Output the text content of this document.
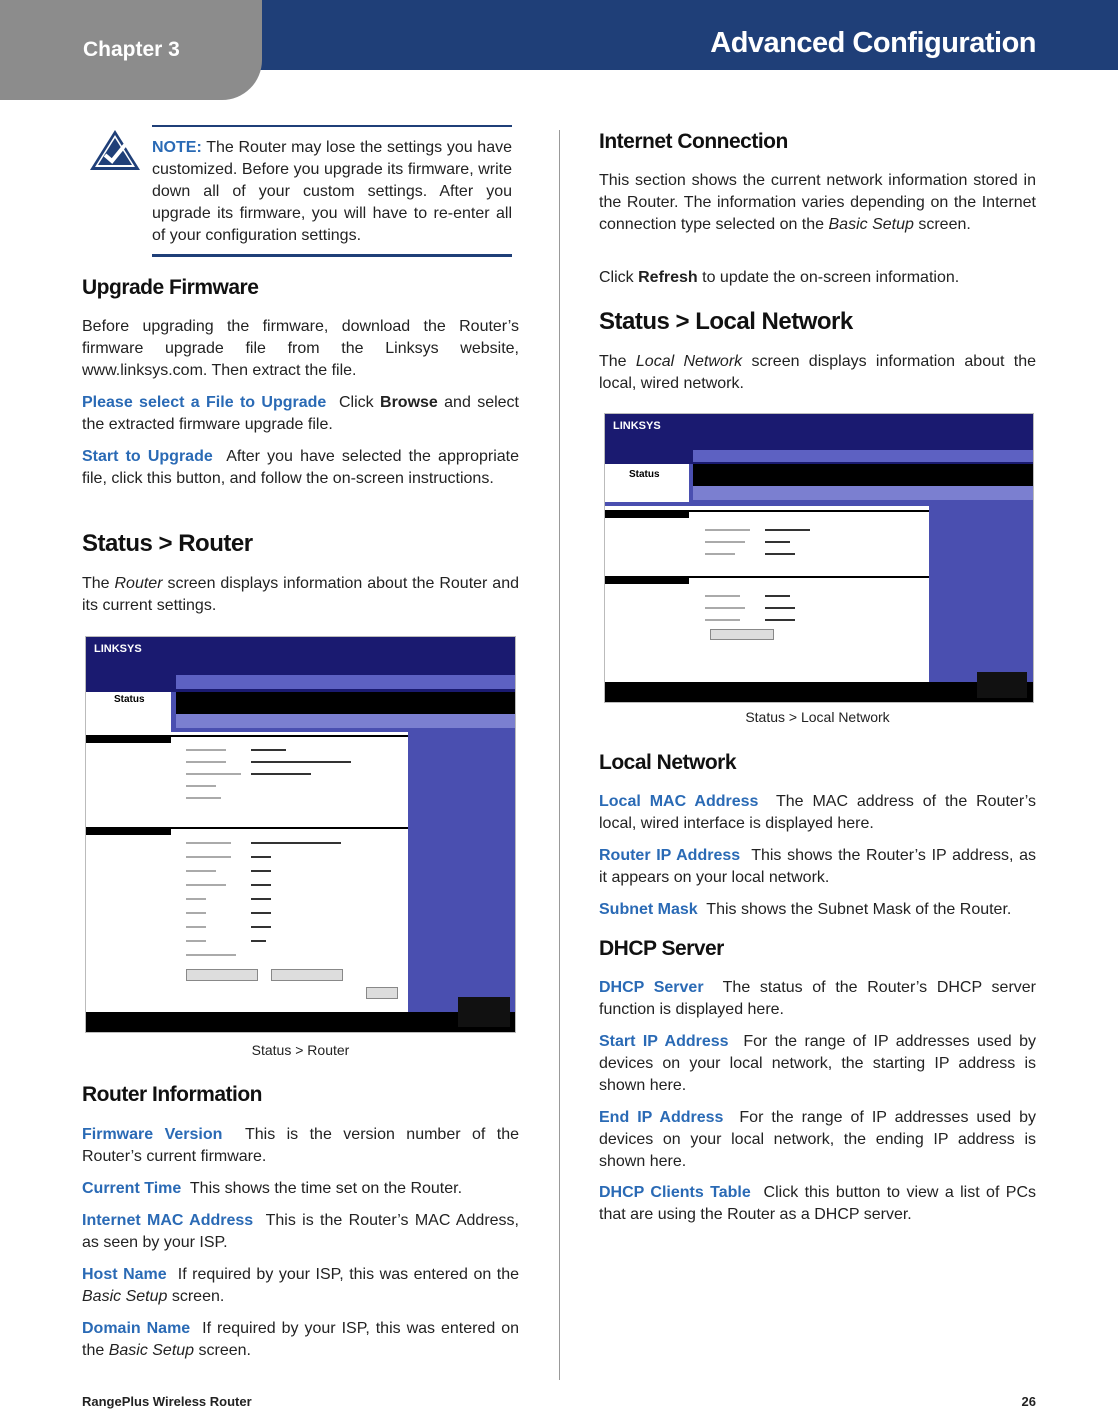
Chapter 3	Advanced Configuration
NOTE: The Router may lose the settings you have customized. Before you upgrade its firmware, write down all of your custom settings. After you upgrade its firmware, you will have to re-enter all of your configuration settings.
Upgrade Firmware

Before upgrading the firmware, download the Router’s firmware upgrade file from the Linksys website, www.linksys.com. Then extract the file.

Please select a File to Upgrade Click Browse and select the extracted firmware upgrade file.

Start to Upgrade After you have selected the appropriate file, click this button, and follow the on-screen instructions.

Status > Router

The Router screen displays information about the Router and its current settings.

LINKSYS
Status
Status > Router
Router Information

Firmware Version This is the version number of the Router’s current firmware.

Current Time This shows the time set on the Router.

Internet MAC Address This is the Router’s MAC Address, as seen by your ISP.

Host Name If required by your ISP, this was entered on the Basic Setup screen.

Domain Name If required by your ISP, this was entered on the Basic Setup screen.

Internet Connection

This section shows the current network information stored in the Router. The information varies depending on the Internet connection type selected on the Basic Setup screen.

Click Refresh to update the on-screen information.

Status > Local Network

The Local Network screen displays information about the local, wired network.

LINKSYS
Status
Status > Local Network
Local Network

Local MAC Address The MAC address of the Router’s local, wired interface is displayed here.

Router IP Address This shows the Router’s IP address, as it appears on your local network.

Subnet Mask This shows the Subnet Mask of the Router.

DHCP Server

DHCP Server The status of the Router’s DHCP server function is displayed here.

Start IP Address For the range of IP addresses used by devices on your local network, the starting IP address is shown here.

End IP Address For the range of IP addresses used by devices on your local network, the ending IP address is shown here.

DHCP Clients Table Click this button to view a list of PCs that are using the Router as a DHCP server.

RangePlus Wireless Router	26
